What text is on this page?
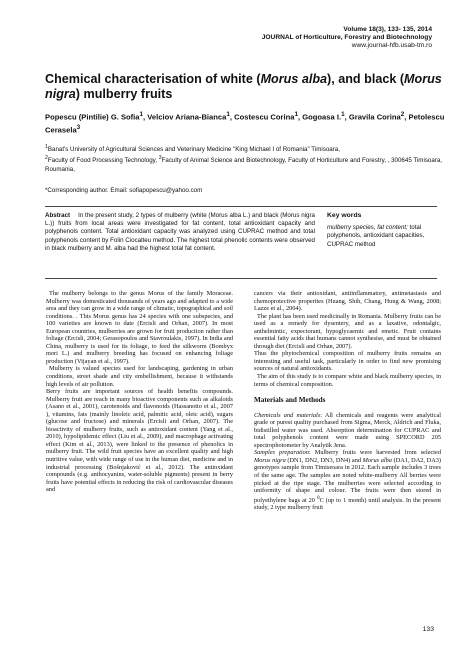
Volume 18(3), 133- 135, 2014
JOURNAL of Horticulture, Forestry and Biotechnology
www.journal-hfb.usab-tm.ro
Chemical characterisation of white (Morus alba), and black (Morus nigra) mulberry fruits
Popescu (Pintilie) G. Sofia$^1$, Velciov Ariana-Bianca$^1$, Costescu Corina$^1$, Gogoasa I.$^1$, Gravila Corina$^2$, Petolescu Cerasela$^3$
$^1$Banat's University of Agricultural Sciences and Veterinary Medicine "King Michael I of Romania" Timisoara,
$^2$Faculty of Food Processing Technology, $^3$Faculty of Animal Science and Biotechnology, Faculty of Horticulture and Forestry, , 300645 Timisoara, Roumania,
*Corresponding author. Email: sofiapopescu@yahoo.com
Abstract In the present study, 2 types of mulberry (white (Morus alba L.) and black (Morus nigra L.)) fruits from local areas were investigated for fat content, total antioxidant capacity and polyphenols content. Total antioxidant capacity was analyzed using CUPRAC method and total polyphenols content by Folin Ciocalteu method. The highest total phenolic contents were observed in black mulberry and M. alba had the highest total fat content.
Key words
mulberry species, fat content; total polyphenols, antioxidant capacities, CUPRAC method

The mulberry belongs to the genus Morus of the family Moraceae. Mulberry was domesticated thousands of years ago and adapted to a wide area and they can grow in a wide range of climatic, topographical and soil conditions. . This Morus genus has 24 species with one subspecies, and 100 varieties are known to date (Ercisli and Orhan, 2007). In most European countries, mulberries are grown for fruit production rather than foliage (Ercisli, 2004; Gerasopoulos and Stavroulakis, 1997). In India and China, mulberry is used for its foliage, to feed the silkworm (Bombyx mori L.) and mulberry breeding has focused on enhancing foliage production (Vijayan et al., 1997).

Mulberry is valued species used for landscaping, gardening in urban conditions, street shade and city embellishment, because it withstands high levels of air pollution.

Berry fruits are important sources of health benefits compounds. Mulberry fruit are reach in many bioactive components such as alkaloids (Asano et al., 2001), carotenoids and flavonoids (Hassanotto et al., 2007 ), vitamins, fats (mainly linoleic acid, palmitic acid, oleic acid), sugars (glucose and fructose) and minerals (Ercisli and Orhan, 2007). The bioactivity of mulberry fruits, such as antioxidant content (Yang et al., 2010), hypolipidemic effect (Liu et al., 2009), and macrophage activating effect (Kim et al., 2013), were linked to the presence of phenolics in mulberry fruit. The wild fruit species have an excellent quality and high nutritive value, with wide range of use in the human diet, medicine and in industrial processing (Bošnjaković et al., 2012). The antioxidant compounds (e.g. anthocyanins, water-soluble pigments) present in berry fruits have potential effects in reducing the risk of cardiovascular diseases and

cancers via their antioxidant, antiinflammatory, antimetastasis and chemoprotective properties (Huang, Shih, Chang, Hung & Wang, 2008; Lazze et al., 2004).

The plant has been used medicinally in Romania. Mulberry fruits can be used as a remedy for dysentery, and as a laxative, odontalgic, anthelmintic, expectorant, hypoglycaemic and emetic. Fruit contains essential fatty acids that humans cannot synthesise, and must be obtained through diet (Ercisli and Orhan, 2007).

Thus the phytochemical composition of mulberry fruits remains an interesting and useful task, particularly in order to find new promising sources of natural antioxidants.

The aim of this study is to compare white and black mulberry species, in terms of chemical composition.

Materials and Methods

Chemicals and materials: All chemicals and reagents were analytical grade or purest quality purchased from Sigma, Merck, Aldrich and Fluka, bidistilled water was used. Absorption determination for CUPRAC and total polyphenols content were made using SPECORD 205 spectrophotometer by Analytik Jena.

Samples preparation: Mulberry fruits were harvested from selected Morus nigra (DN1, DN2, DN3, DN4) and Morus alba (DA1, DA2, DA3) genotypes sample from Timiseoara in 2012. Each sample includes 3 trees of the same age. The samples are noted white-mulberry All berries were picked at the ripe stage. The mulberries were selected according to uniformity of shape and colour. The fruits were then stored in polyethylene bags at 20 $^0$C (up to 1 month) until analysis. In the present study, 2 type mulberry fruit

133
